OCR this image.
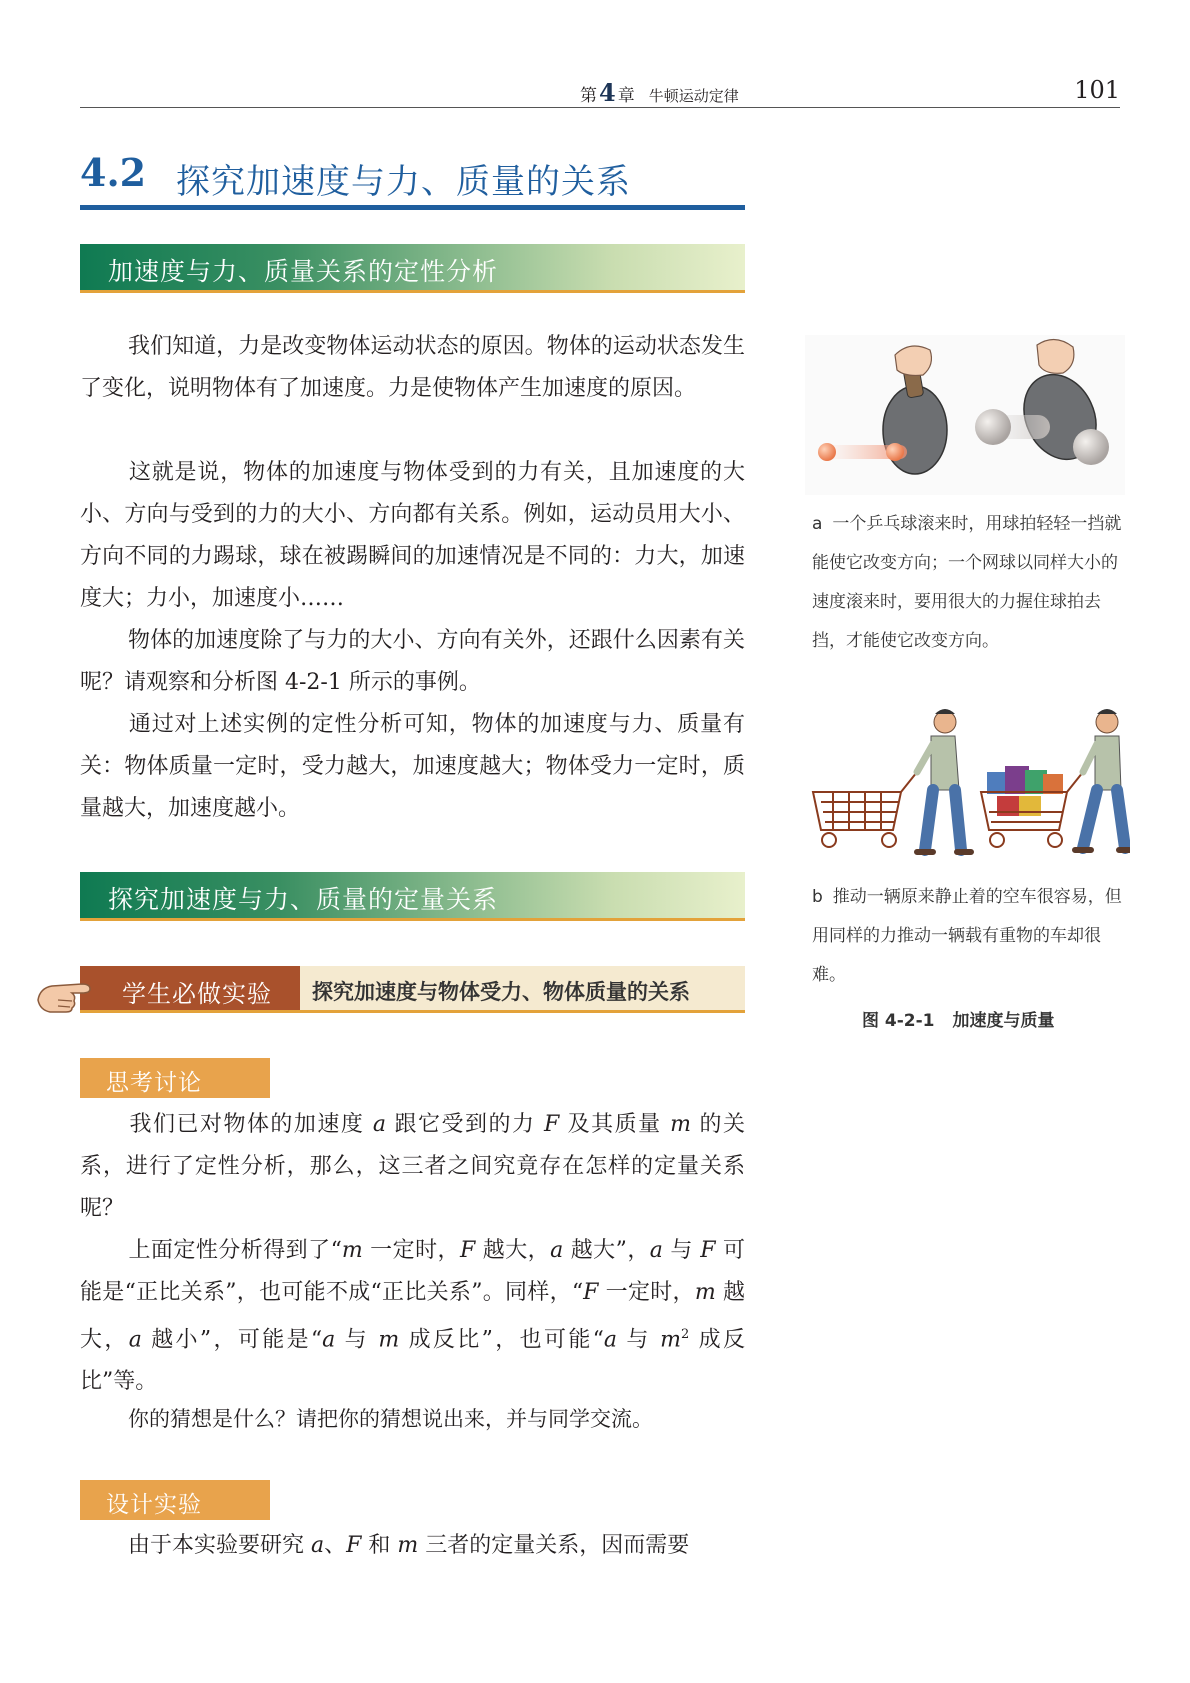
第4 章 牛顿运动定律	101
4.2 探究加速度与力、质量的关系
加速度与力、质量关系的定性分析

我们知道，力是改变物体运动状态的原因。物体的运动状态发生了变化，说明物体有了加速度。力是使物体产生加速度的原因。

这就是说，物体的加速度与物体受到的力有关，且加速度的大小、方向与受到的力的大小、方向都有关系。例如，运动员用大小、方向不同的力踢球，球在被踢瞬间的加速情况是不同的：力大，加速度大；力小，加速度小……

物体的加速度除了与力的大小、方向有关外，还跟什么因素有关呢？请观察和分析图 4-2-1 所示的事例。

通过对上述实例的定性分析可知，物体的加速度与力、质量有关：物体质量一定时，受力越大，加速度越大；物体受力一定时，质量越大，加速度越小。

探究加速度与力、质量的定量关系
学生必做实验 探究加速度与物体受力、物体质量的关系
思考讨论

我们已对物体的加速度 a 跟它受到的力 F 及其质量 m 的关系，进行了定性分析，那么，这三者之间究竟存在怎样的定量关系呢？

上面定性分析得到了“m 一定时，F 越大，a 越大”，a 与 F 可能是“正比关系”，也可能不成“正比关系”。同样，“F 一定时，m 越大，a 越小”，可能是“a 与 m 成反比”，也可能“a 与 $m^2$ 成反比”等。

你的猜想是什么？请把你的猜想说出来，并与同学交流。

设计实验

由于本实验要研究 a、F 和 m 三者的定量关系，因而需要

a 一个乒乓球滚来时，用球拍轻轻一挡就能使它改变方向；一个网球以同样大小的速度滚来时，要用很大的力握住球拍去挡，才能使它改变方向。

b 推动一辆原来静止着的空车很容易，但用同样的力推动一辆载有重物的车却很难。

图 4-2-1 加速度与质量
